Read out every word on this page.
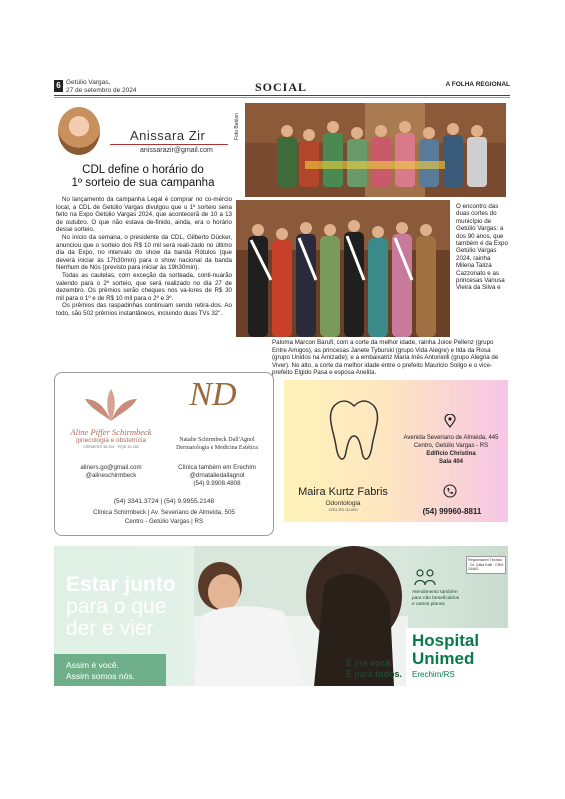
6 Getúlio Vargas,
27 de setembro de 2024	SOCIAL	A FOLHA REGIONAL
Anissara Zir
anissarazir@gmail.com
CDL define o horário do
1º sorteio de sua campanha

No lançamento da campanha Legal é comprar no co-mércio local, a CDL de Getúlio Vargas divulgou que o 1º sorteio seria feito na Expo Getúlio Vargas 2024, que aconteceră de 10 a 13 de outubro. O que não estava de-finido, ainda, era o horário desse sorteio.

No início da semana, o presidente da CDL, Gilberto Dücker, anunciou que o sorteio dos R$ 10 mil será reali-zado no último dia da Expo, no intervalo do show da banda Rótulos (que deverá iniciar às 17h30min) para o show nacional da banda Nenhum de Nós (previsto para iniciar às 19h30min).

Todas as cautelas, com exceção da sorteada, conti-nuarão valendo para o 2º sorteio, que será realizado no dia 27 de dezembro. Os prêmios serão cheques nos va-lores de R$ 30 mil para o 1º e de R$ 10 mil para o 2º e 3º.

Os prêmios das raspadinhas continuam sendo retira-dos. Ao todo, são 502 prêmios instantâneos, incluindo duas TVs 32".

Foto Babian
O encontro das duas cortes do município de Getúlio Vargas: a dos 90 anos, que também é da Expo Getúlio Vargas 2024, rainha Milena Taliza Cazzonato e as princesas Vanusa Vieira da Silva e
Paloma Marcon Barufi; com a corte da melhor idade, rainha Joice Pellenz (grupo Entre Amigos), as princesas Janete Tyburski (grupo Vida Alegre) e Ilda da Rosa (grupo Unidos na Amizade); e a embaixatriz Maria Inês Antoniolli (grupo Alegria de Viver). No alto, a corte da melhor idade entre o prefeito Mauricio Soligo e o vice-prefeito Elgido Pasa e esposa Anelita.
Aline Piffer Schirmbeck
ginecologia e obstetrícia
CREMERS 35.391 · RQE 30.282
ND
Natalie Schirmbeck Dall'Agnol
Dermatologia e Medicina Estética
aliners.go@gmail.com
@alineschirmbeck
Clínica também em Erechim
@drnataliedallagnol
(54) 9.9908.4808
(54) 3341.3724 | (54) 9.9955.2148
Clínica Schirmbeck | Av. Severiano de Almeida, 505
Centro - Getúlio Vargas | RS
Maira Kurtz Fabris
Odontologia
CRO-RS 00.000
Avenida Severiano de Almeida, 445
Centro, Getúlio Vargas - RS
Edifício Christina
Sala 404
(54) 99960-8811
Estar junto
para o que
der e vier
Assim é você.
Assim somos nós.
É pra você.
É para todos.
Atendimento também para não beneficiários e outros planos
Responsável Técnico · Dr. Cátia Kalil · CRM 24463
Hospital
Unimed
Erechim/RS
